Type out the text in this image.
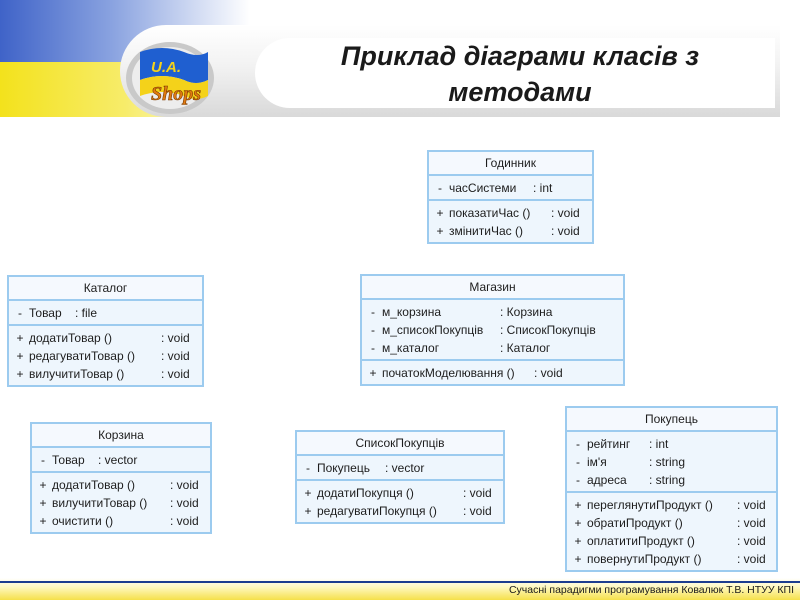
U.A.
Shops
Приклад діаграми класів з методами
Годинник
- часСистеми : int
+ показатиЧас () : void
+ змінитиЧас () : void
Каталог
- Товар : file
+ додатиТовар ()	: void
+ редагуватиТовар () : void
+ вилучитиТовар ()	: void
Магазин
- м_корзина	: Корзина
- м_списокПокупців : СписокПокупців
- м_каталог	: Каталог
+ початокМоделювання () : void
Корзина
- Товар : vector
+ додатиТовар ()	: void
+ вилучитиТовар () : void
+ очистити ()	: void
СписокПокупців
- Покупець : vector
+ додатиПокупця ()	: void
+ редагуватиПокупця () : void
Покупець
- рейтинг : int
- ім'я	: string
- адреса : string
+ переглянутиПродукт () : void
+ обратиПродукт ()	: void
+ оплатитиПродукт ()	: void
+ повернутиПродукт ()	: void
Сучасні парадигми програмування Ковалюк Т.В. НТУУ КПІ
